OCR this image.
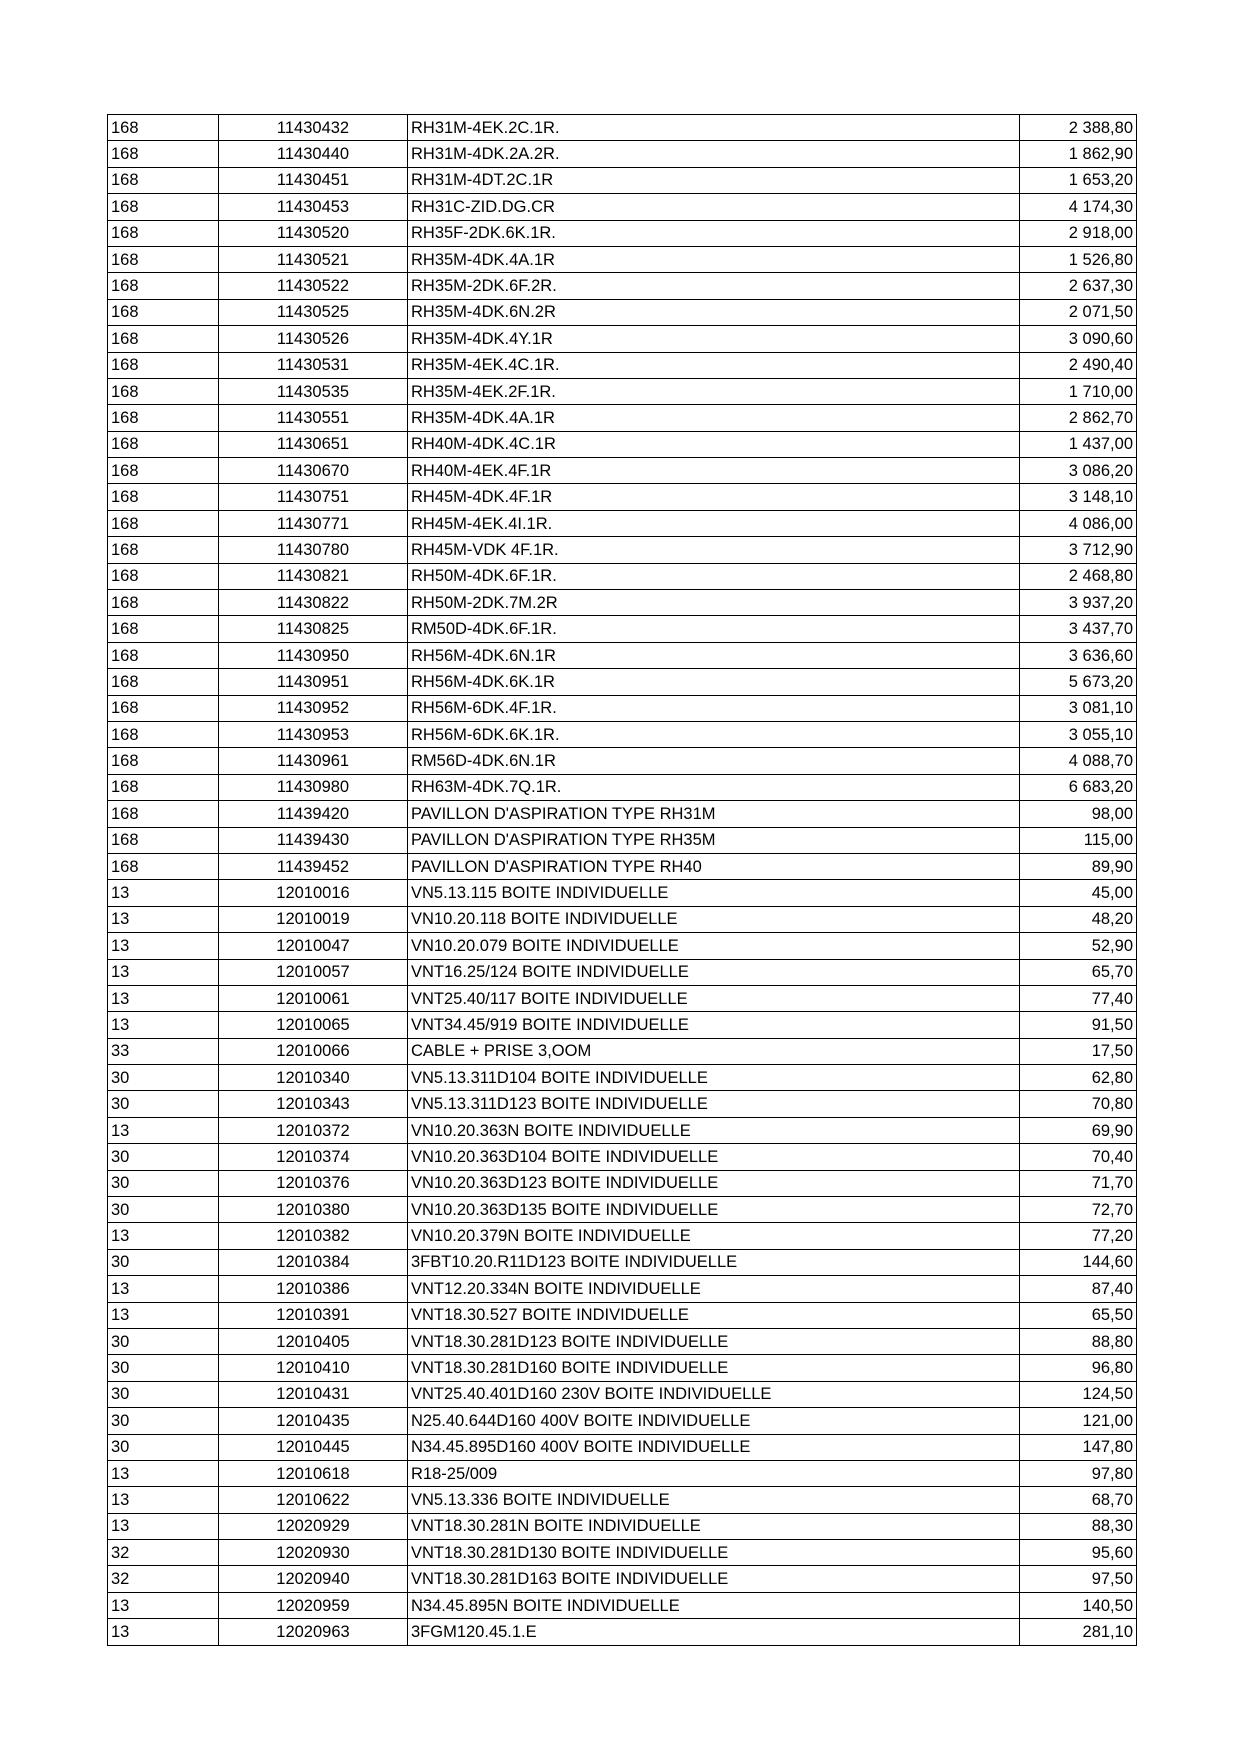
168	11430432	RH31M-4EK.2C.1R.	2 388,80
168	11430440	RH31M-4DK.2A.2R.	1 862,90
168	11430451	RH31M-4DT.2C.1R	1 653,20
168	11430453	RH31C-ZID.DG.CR	4 174,30
168	11430520	RH35F-2DK.6K.1R.	2 918,00
168	11430521	RH35M-4DK.4A.1R	1 526,80
168	11430522	RH35M-2DK.6F.2R.	2 637,30
168	11430525	RH35M-4DK.6N.2R	2 071,50
168	11430526	RH35M-4DK.4Y.1R	3 090,60
168	11430531	RH35M-4EK.4C.1R.	2 490,40
168	11430535	RH35M-4EK.2F.1R.	1 710,00
168	11430551	RH35M-4DK.4A.1R	2 862,70
168	11430651	RH40M-4DK.4C.1R	1 437,00
168	11430670	RH40M-4EK.4F.1R	3 086,20
168	11430751	RH45M-4DK.4F.1R	3 148,10
168	11430771	RH45M-4EK.4I.1R.	4 086,00
168	11430780	RH45M-VDK 4F.1R.	3 712,90
168	11430821	RH50M-4DK.6F.1R.	2 468,80
168	11430822	RH50M-2DK.7M.2R	3 937,20
168	11430825	RM50D-4DK.6F.1R.	3 437,70
168	11430950	RH56M-4DK.6N.1R	3 636,60
168	11430951	RH56M-4DK.6K.1R	5 673,20
168	11430952	RH56M-6DK.4F.1R.	3 081,10
168	11430953	RH56M-6DK.6K.1R.	3 055,10
168	11430961	RM56D-4DK.6N.1R	4 088,70
168	11430980	RH63M-4DK.7Q.1R.	6 683,20
168	11439420	PAVILLON D'ASPIRATION TYPE RH31M	98,00
168	11439430	PAVILLON D'ASPIRATION TYPE RH35M	115,00
168	11439452	PAVILLON D'ASPIRATION TYPE RH40	89,90
13	12010016	VN5.13.115 BOITE INDIVIDUELLE	45,00
13	12010019	VN10.20.118 BOITE INDIVIDUELLE	48,20
13	12010047	VN10.20.079 BOITE INDIVIDUELLE	52,90
13	12010057	VNT16.25/124 BOITE INDIVIDUELLE	65,70
13	12010061	VNT25.40/117 BOITE INDIVIDUELLE	77,40
13	12010065	VNT34.45/919 BOITE INDIVIDUELLE	91,50
33	12010066	CABLE + PRISE 3,OOM	17,50
30	12010340	VN5.13.311D104 BOITE INDIVIDUELLE	62,80
30	12010343	VN5.13.311D123 BOITE INDIVIDUELLE	70,80
13	12010372	VN10.20.363N BOITE INDIVIDUELLE	69,90
30	12010374	VN10.20.363D104 BOITE INDIVIDUELLE	70,40
30	12010376	VN10.20.363D123 BOITE INDIVIDUELLE	71,70
30	12010380	VN10.20.363D135 BOITE INDIVIDUELLE	72,70
13	12010382	VN10.20.379N BOITE INDIVIDUELLE	77,20
30	12010384	3FBT10.20.R11D123 BOITE INDIVIDUELLE	144,60
13	12010386	VNT12.20.334N BOITE INDIVIDUELLE	87,40
13	12010391	VNT18.30.527 BOITE INDIVIDUELLE	65,50
30	12010405	VNT18.30.281D123 BOITE INDIVIDUELLE	88,80
30	12010410	VNT18.30.281D160 BOITE INDIVIDUELLE	96,80
30	12010431	VNT25.40.401D160 230V BOITE INDIVIDUELLE	124,50
30	12010435	N25.40.644D160 400V BOITE INDIVIDUELLE	121,00
30	12010445	N34.45.895D160 400V BOITE INDIVIDUELLE	147,80
13	12010618	R18-25/009	97,80
13	12010622	VN5.13.336 BOITE INDIVIDUELLE	68,70
13	12020929	VNT18.30.281N BOITE INDIVIDUELLE	88,30
32	12020930	VNT18.30.281D130 BOITE INDIVIDUELLE	95,60
32	12020940	VNT18.30.281D163 BOITE INDIVIDUELLE	97,50
13	12020959	N34.45.895N BOITE INDIVIDUELLE	140,50
13	12020963	3FGM120.45.1.E	281,10
